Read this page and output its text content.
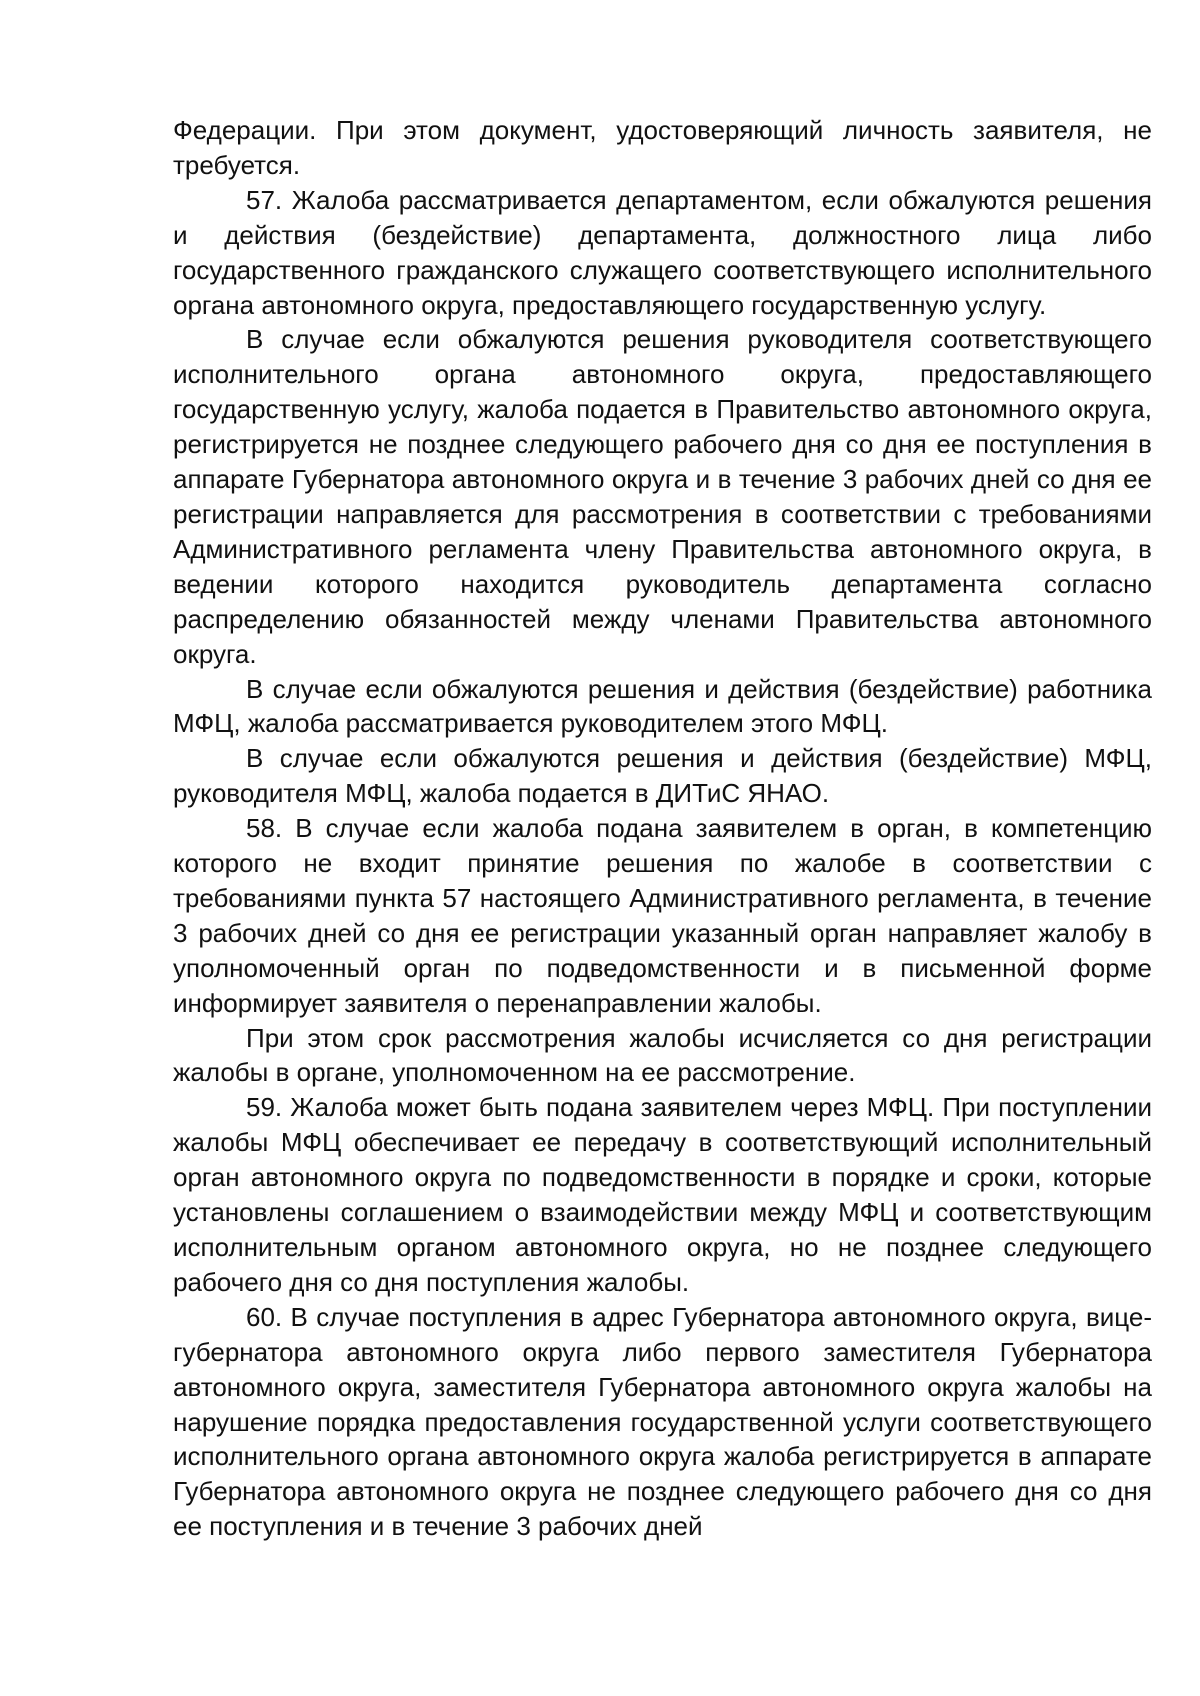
Федерации. При этом документ, удостоверяющий личность заявителя, не требуется.

57. Жалоба рассматривается департаментом, если обжалуются решения и действия (бездействие) департамента, должностного лица либо государственного гражданского служащего соответствующего исполнительного органа автономного округа, предоставляющего государственную услугу.

В случае если обжалуются решения руководителя соответствующего исполнительного органа автономного округа, предоставляющего государственную услугу, жалоба подается в Правительство автономного округа, регистрируется не позднее следующего рабочего дня со дня ее поступления в аппарате Губернатора автономного округа и в течение 3 рабочих дней со дня ее регистрации направляется для рассмотрения в соответствии с требованиями Административного регламента члену Правительства автономного округа, в ведении которого находится руководитель департамента согласно распределению обязанностей между членами Правительства автономного округа.

В случае если обжалуются решения и действия (бездействие) работника МФЦ, жалоба рассматривается руководителем этого МФЦ.

В случае если обжалуются решения и действия (бездействие) МФЦ, руководителя МФЦ, жалоба подается в ДИТиС ЯНАО.

58. В случае если жалоба подана заявителем в орган, в компетенцию которого не входит принятие решения по жалобе в соответствии с требованиями пункта 57 настоящего Административного регламента, в течение 3 рабочих дней со дня ее регистрации указанный орган направляет жалобу в уполномоченный орган по подведомственности и в письменной форме информирует заявителя о перенаправлении жалобы.

При этом срок рассмотрения жалобы исчисляется со дня регистрации жалобы в органе, уполномоченном на ее рассмотрение.

59. Жалоба может быть подана заявителем через МФЦ. При поступлении жалобы МФЦ обеспечивает ее передачу в соответствующий исполнительный орган автономного округа по подведомственности в порядке и сроки, которые установлены соглашением о взаимодействии между МФЦ и соответствующим исполнительным органом автономного округа, но не позднее следующего рабочего дня со дня поступления жалобы.

60. В случае поступления в адрес Губернатора автономного округа, вице-губернатора автономного округа либо первого заместителя Губернатора автономного округа, заместителя Губернатора автономного округа жалобы на нарушение порядка предоставления государственной услуги соответствующего исполнительного органа автономного округа жалоба регистрируется в аппарате Губернатора автономного округа не позднее следующего рабочего дня со дня ее поступления и в течение 3 рабочих дней
